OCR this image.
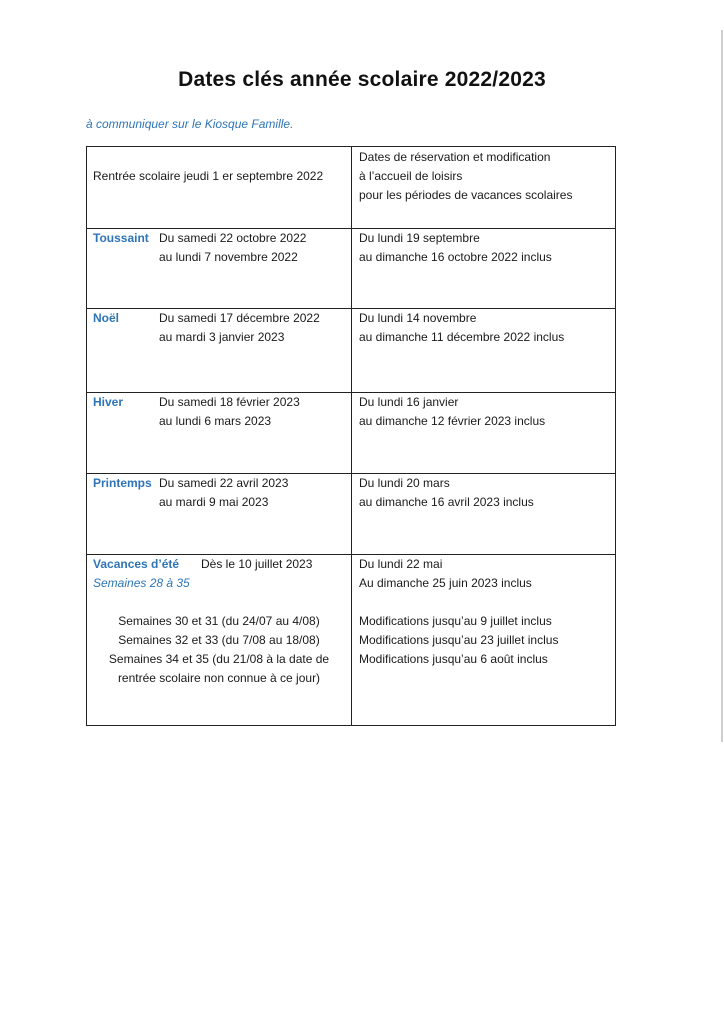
Dates clés année scolaire 2022/2023
à communiquer sur le Kiosque Famille.
Rentrée scolaire jeudi 1 er septembre 2022
Dates de réservation et modification
à l’accueil de loisirs
pour les périodes de vacances scolaires
Toussaint Du samedi 22 octobre 2022
au lundi 7 novembre 2022
Du lundi 19 septembre
au dimanche 16 octobre 2022 inclus
Noël	Du samedi 17 décembre 2022
au mardi 3 janvier 2023
Du lundi 14 novembre
au dimanche 11 décembre 2022 inclus
Hiver	Du samedi 18 février 2023
au lundi 6 mars 2023
Du lundi 16 janvier
au dimanche 12 février 2023 inclus
Printemps Du samedi 22 avril 2023
au mardi 9 mai 2023
Du lundi 20 mars
au dimanche 16 avril 2023 inclus
Vacances d’été Dès le 10 juillet 2023
Semaines 28 à 35
Semaines 30 et 31 (du 24/07 au 4/08)
Semaines 32 et 33 (du 7/08 au 18/08)
Semaines 34 et 35 (du 21/08 à la date de
rentrée scolaire non connue à ce jour)
Du lundi 22 mai
Au dimanche 25 juin 2023 inclus
Modifications jusqu’au 9 juillet inclus
Modifications jusqu’au 23 juillet inclus
Modifications jusqu’au 6 août inclus
